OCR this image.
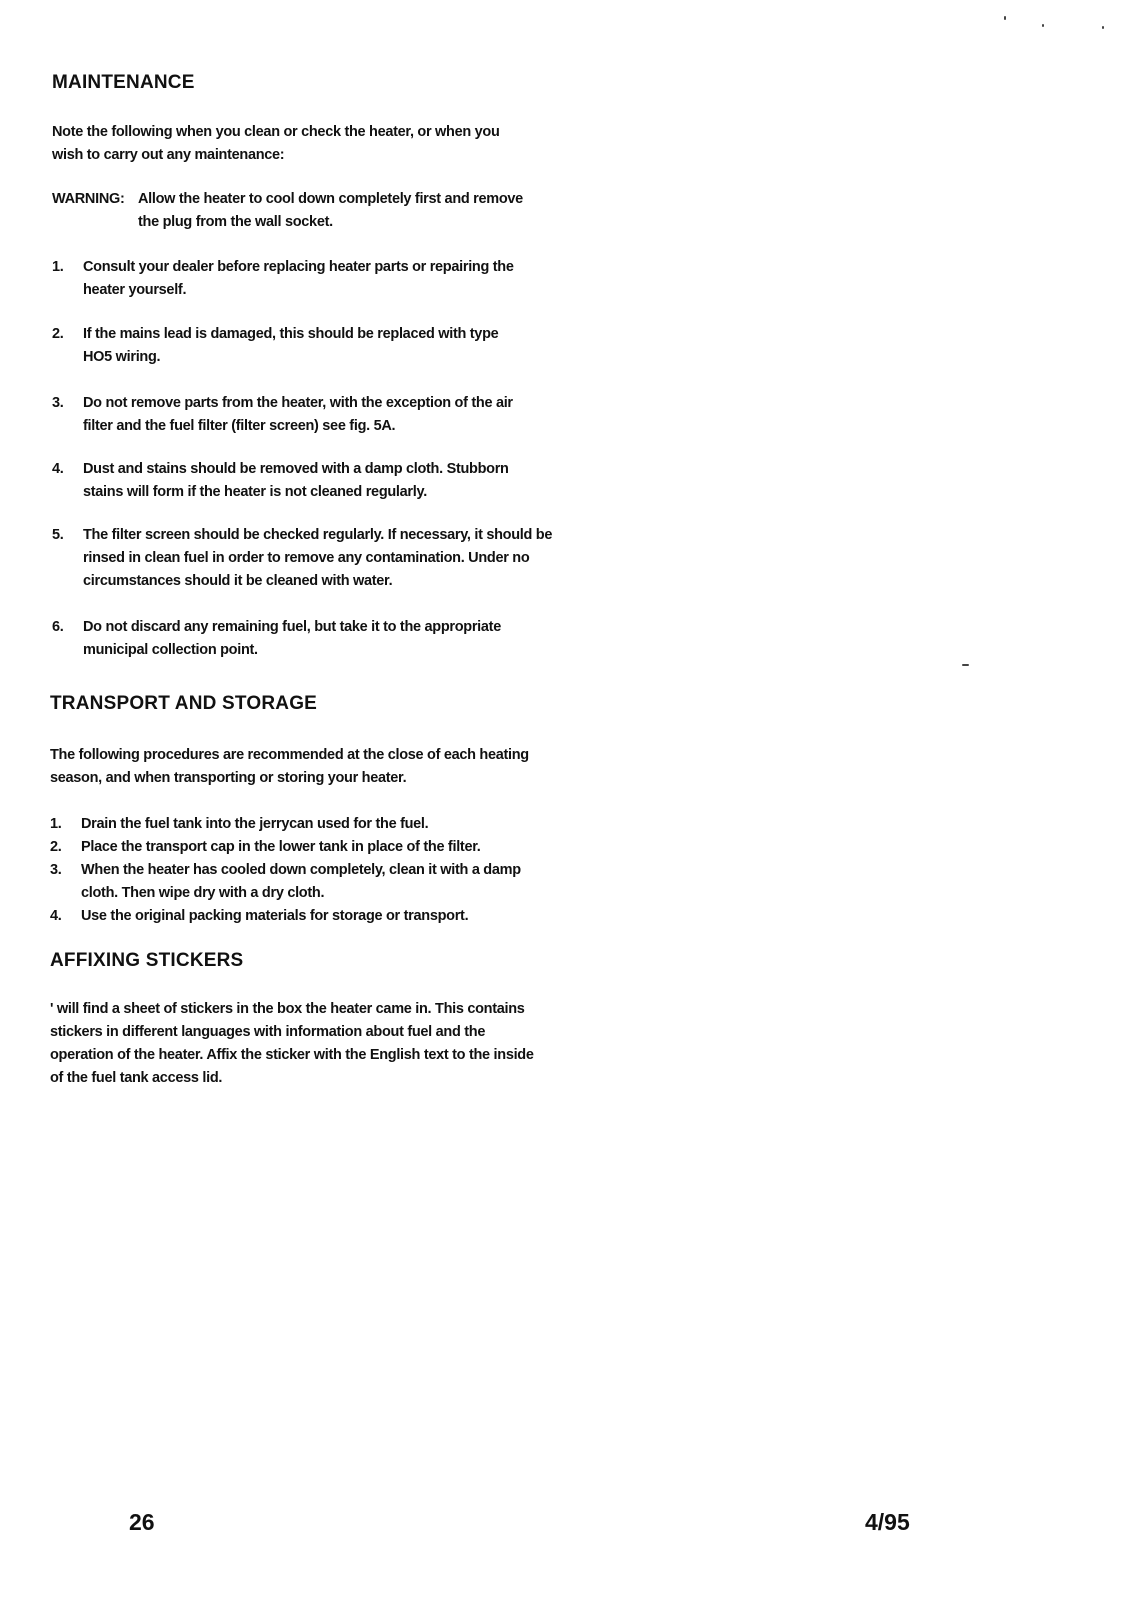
MAINTENANCE

Note the following when you clean or check the heater, or when you wish to carry out any maintenance:

WARNING: Allow the heater to cool down completely first and remove the plug from the wall socket.
1. Consult your dealer before replacing heater parts or repairing the heater yourself.
2. If the mains lead is damaged, this should be replaced with type HO5 wiring.
3. Do not remove parts from the heater, with the exception of the air filter and the fuel filter (filter screen) see fig. 5A.
4. Dust and stains should be removed with a damp cloth. Stubborn stains will form if the heater is not cleaned regularly.
5. The filter screen should be checked regularly. If necessary, it should be rinsed in clean fuel in order to remove any contamination. Under no circumstances should it be cleaned with water.
6. Do not discard any remaining fuel, but take it to the appropriate municipal collection point.
TRANSPORT AND STORAGE

The following procedures are recommended at the close of each heating season, and when transporting or storing your heater.

1. Drain the fuel tank into the jerrycan used for the fuel.
2. Place the transport cap in the lower tank in place of the filter.
3. When the heater has cooled down completely, clean it with a damp cloth. Then wipe dry with a dry cloth.
4. Use the original packing materials for storage or transport.
AFFIXING STICKERS

' will find a sheet of stickers in the box the heater came in. This contains stickers in different languages with information about fuel and the operation of the heater. Affix the sticker with the English text to the inside of the fuel tank access lid.

26	4/95
